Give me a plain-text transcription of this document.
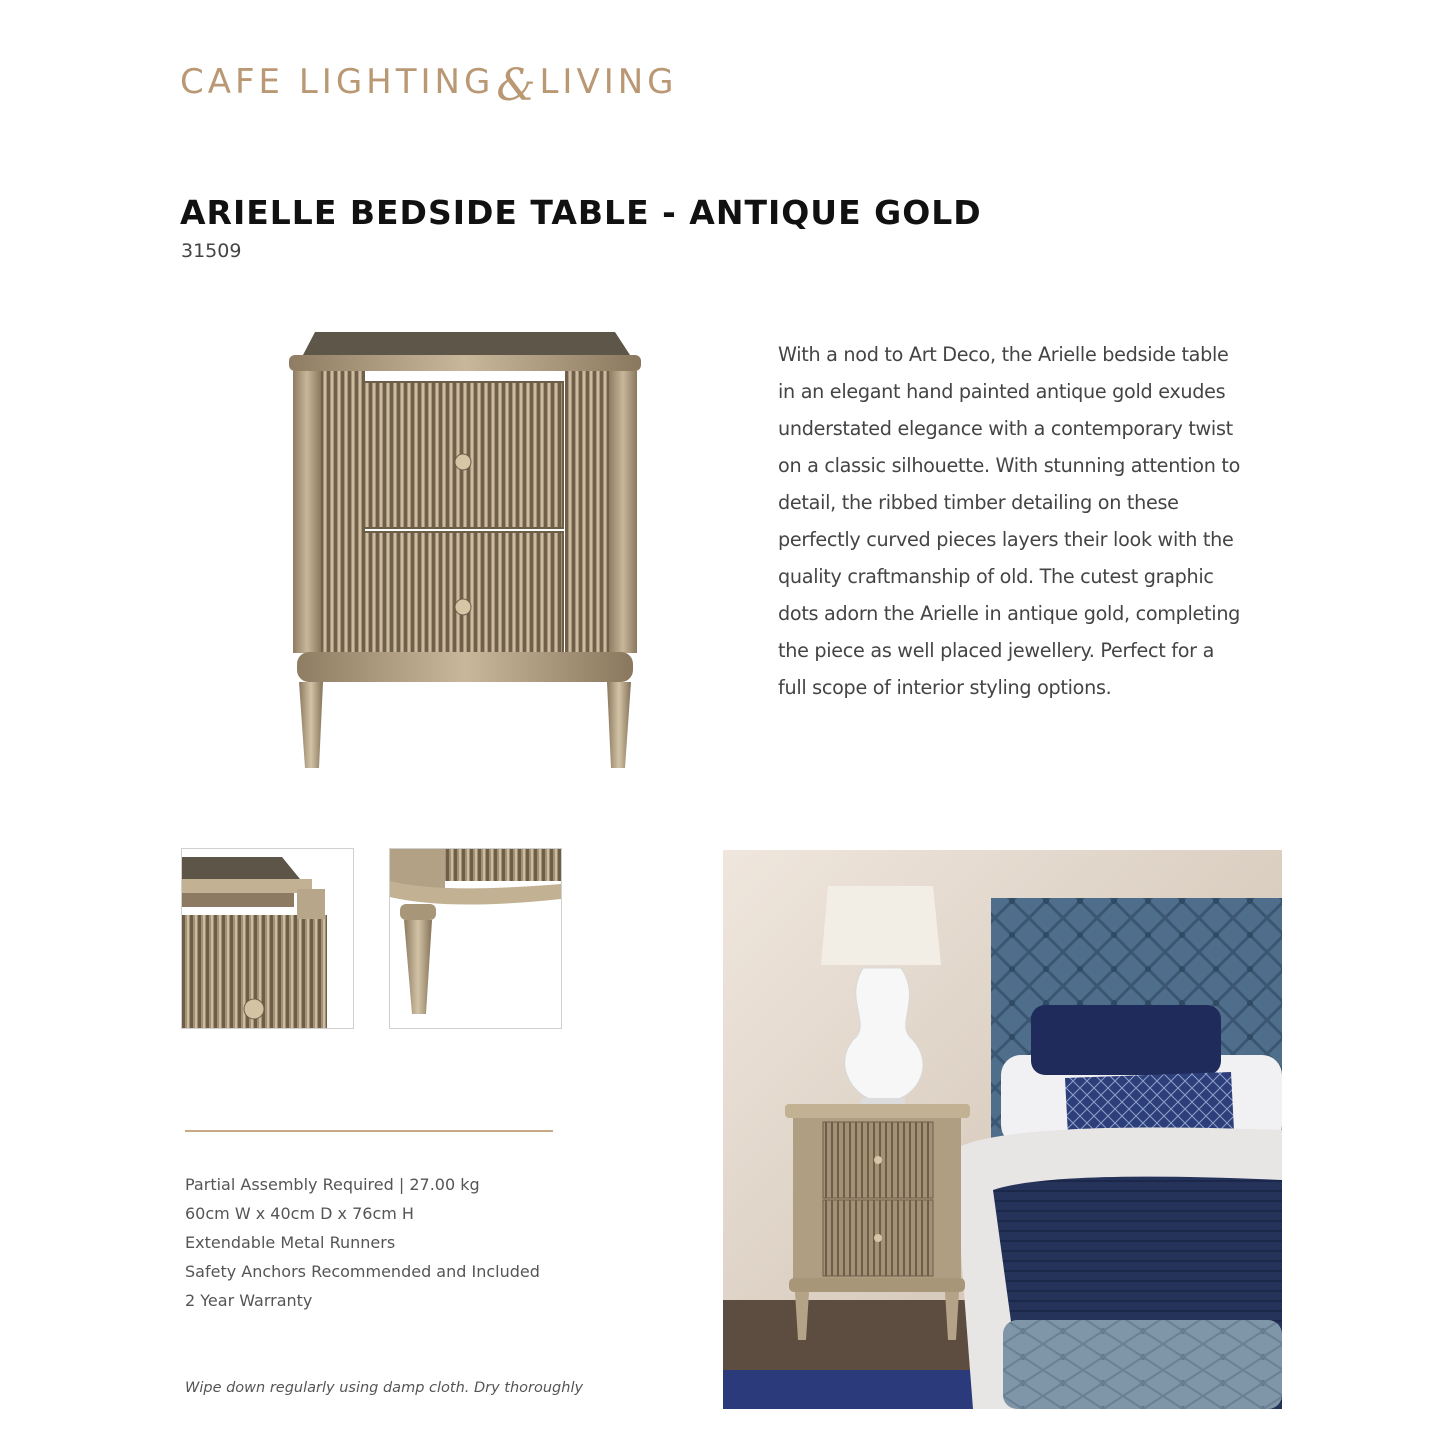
CAFE LIGHTING & LIVING
ARIELLE BEDSIDE TABLE - ANTIQUE GOLD
31509
With a nod to Art Deco, the Arielle bedside table in an elegant hand painted antique gold exudes understated elegance with a contemporary twist on a classic silhouette. With stunning attention to detail, the ribbed timber detailing on these perfectly curved pieces layers their look with the quality craftmanship of old. The cutest graphic dots adorn the Arielle in antique gold, completing the piece as well placed jewellery. Perfect for a full scope of interior styling options.
Partial Assembly Required | 27.00 kg
60cm W x 40cm D x 76cm H
Extendable Metal Runners
Safety Anchors Recommended and Included
2 Year Warranty
Wipe down regularly using damp cloth. Dry thoroughly
